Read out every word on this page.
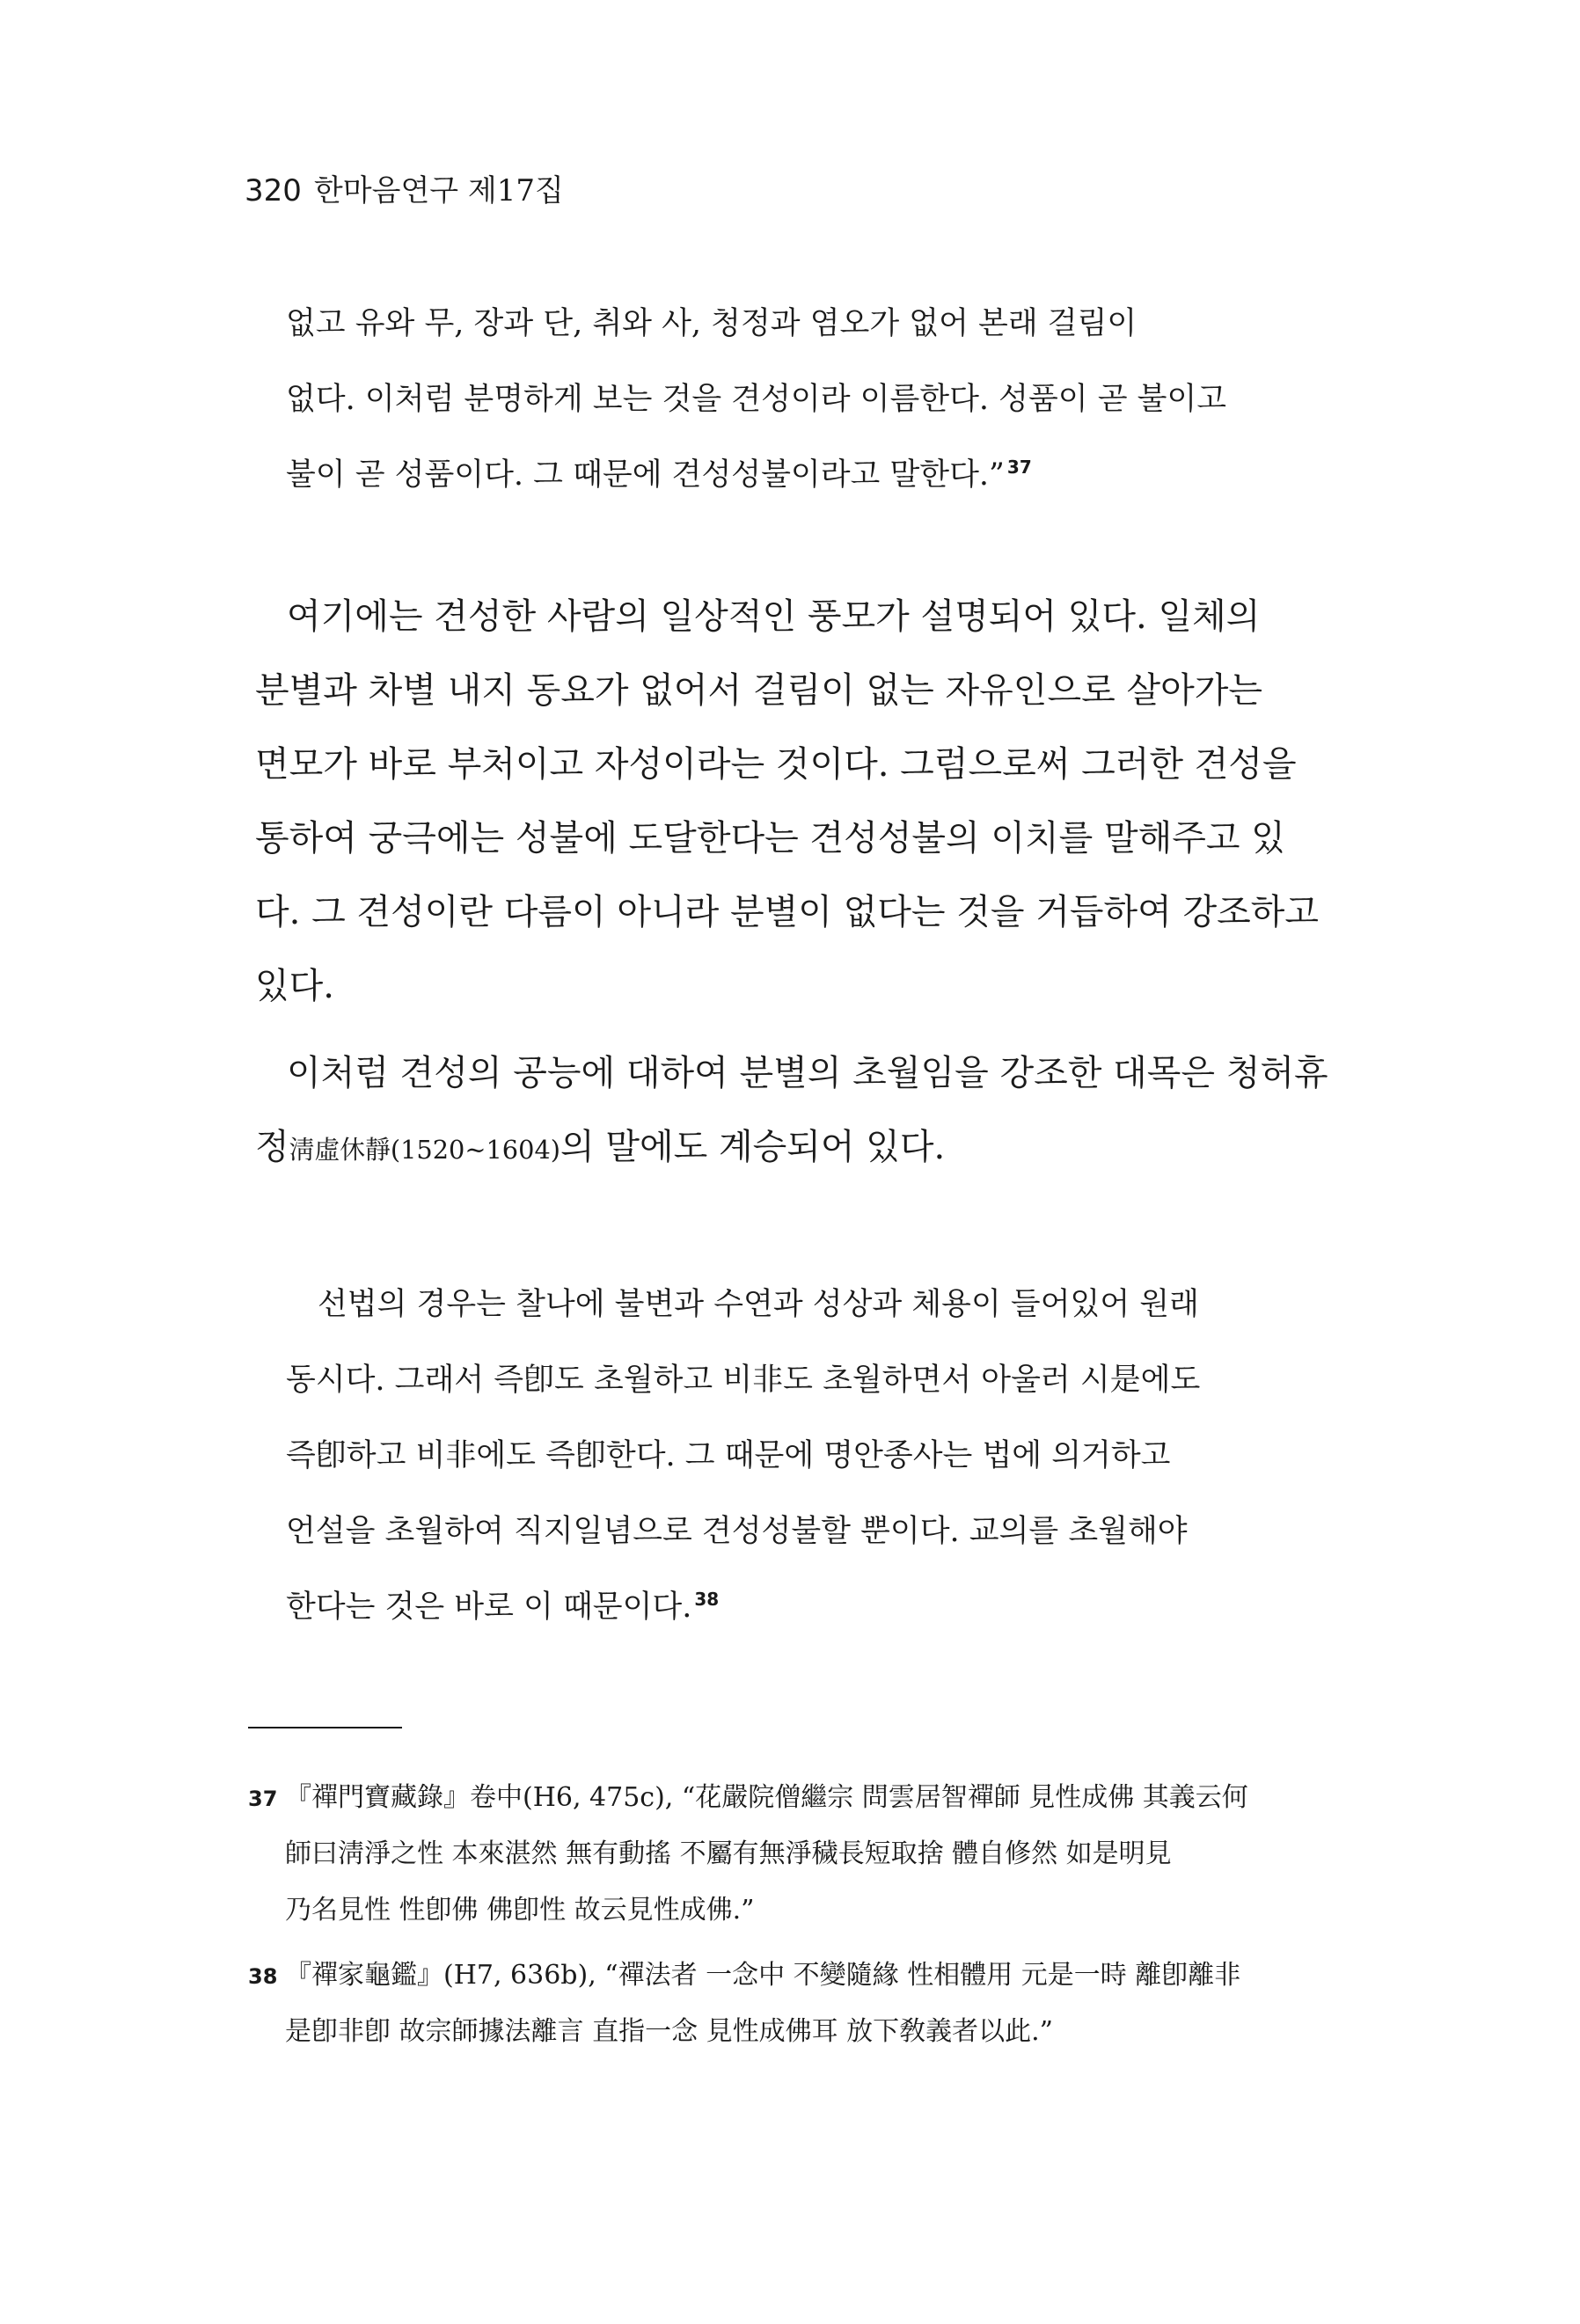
320 한마음연구 제17집
없고 유와 무, 장과 단, 취와 사, 청정과 염오가 없어 본래 걸림이
없다. 이처럼 분명하게 보는 것을 견성이라 이름한다. 성품이 곧 불이고
불이 곧 성품이다. 그 때문에 견성성불이라고 말한다.” $^{37}$
여기에는 견성한 사람의 일상적인 풍모가 설명되어 있다. 일체의
분별과 차별 내지 동요가 없어서 걸림이 없는 자유인으로 살아가는
면모가 바로 부처이고 자성이라는 것이다. 그럼으로써 그러한 견성을
통하여 궁극에는 성불에 도달한다는 견성성불의 이치를 말해주고 있
다. 그 견성이란 다름이 아니라 분별이 없다는 것을 거듭하여 강조하고
있다.
이처럼 견성의 공능에 대하여 분별의 초월임을 강조한 대목은 청허휴
정淸虛休靜(1520~1604)의 말에도 계승되어 있다.
선법의 경우는 찰나에 불변과 수연과 성상과 체용이 들어있어 원래
동시다. 그래서 즉卽도 초월하고 비非도 초월하면서 아울러 시是에도
즉卽하고 비非에도 즉卽한다. 그 때문에 명안종사는 법에 의거하고
언설을 초월하여 직지일념으로 견성성불할 뿐이다. 교의를 초월해야
한다는 것은 바로 이 때문이다. $^{38}$
37 『禪門寶藏錄』卷中(H6, 475c), “花嚴院僧繼宗 問雲居智禪師 見性成佛 其義云何
師曰淸淨之性 本來湛然 無有動搖 不屬有無淨穢長短取捨 體自修然 如是明見
乃名見性 性卽佛 佛卽性 故云見性成佛.”
38 『禪家龜鑑』(H7, 636b), “禪法者 一念中 不變隨緣 性相體用 元是一時 離卽離非
是卽非卽 故宗師據法離言 直指一念 見性成佛耳 放下敎義者以此.”
